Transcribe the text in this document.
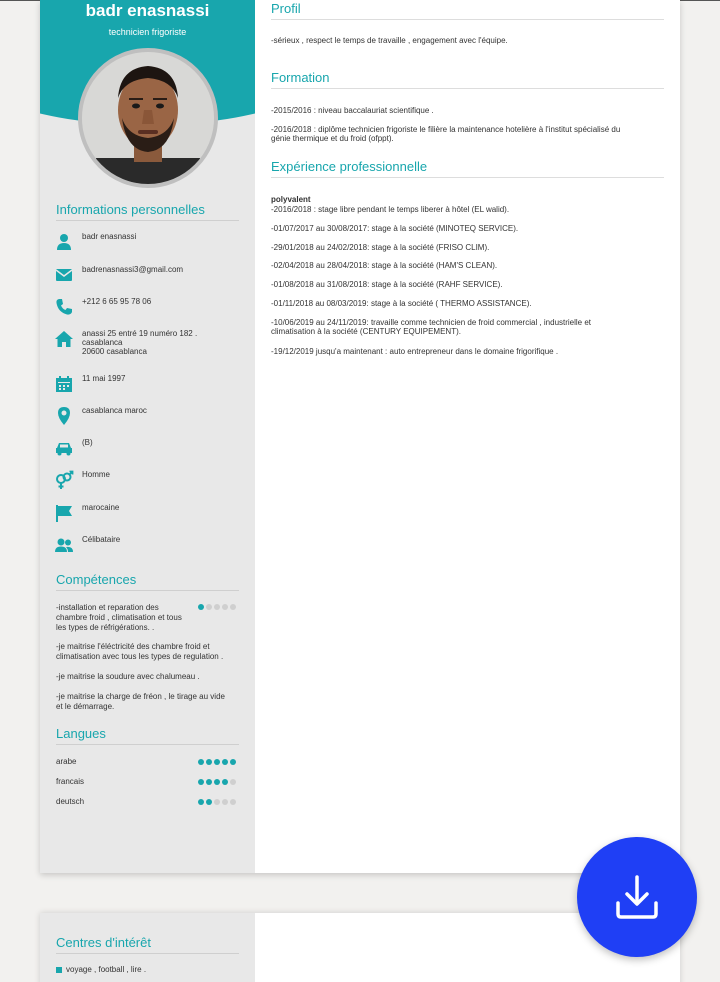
badr enasnassi
technicien frigoriste
Informations personnelles
badr enasnassi
badrenasnassi3@gmail.com
+212 6 65 95 78 06
anassi 25 entré 19 numéro 182 .
casablanca
20600 casablanca
11 mai 1997
casablanca maroc
(B)
Homme
marocaine
Célibataire
Compétences
-installation et reparation des
chambre froid , climatisation et tous
les types de réfrigérations. .
-je maitrise l'éléctricité des chambre froid et
climatisation avec tous les types de regulation .
-je maitrise la soudure avec chalumeau .
-je maitrise la charge de fréon , le tirage au vide
et le démarrage.
Langues
arabe
francais
deutsch
Profil
-sérieux , respect le temps de travaille , engagement avec l'équipe.
Formation
-2015/2016 : niveau baccalauriat scientifique .
-2016/2018 : diplôme technicien frigoriste le filière la maintenance hotelière à l'institut spécialisé du
génie thermique et du froid (ofppt).
Expérience professionnelle
polyvalent
-2016/2018 : stage libre pendant le temps liberer à hôtel (EL walid).
-01/07/2017 au 30/08/2017: stage à la société (MINOTEQ SERVICE).
-29/01/2018 au 24/02/2018: stage à la société (FRISO CLIM).
-02/04/2018 au 28/04/2018: stage à la société (HAM'S CLEAN).
-01/08/2018 au 31/08/2018: stage à la société (RAHF SERVICE).
-01/11/2018 au 08/03/2019: stage à la société ( THERMO ASSISTANCE).
-10/06/2019 au 24/11/2019: travaille comme technicien de froid commercial , industrielle et
climatisation à la société (CENTURY EQUIPEMENT).
-19/12/2019 jusqu'a maintenant : auto entrepreneur dans le domaine frigorifique .
Centres d'intérêt
voyage , football , lire .
